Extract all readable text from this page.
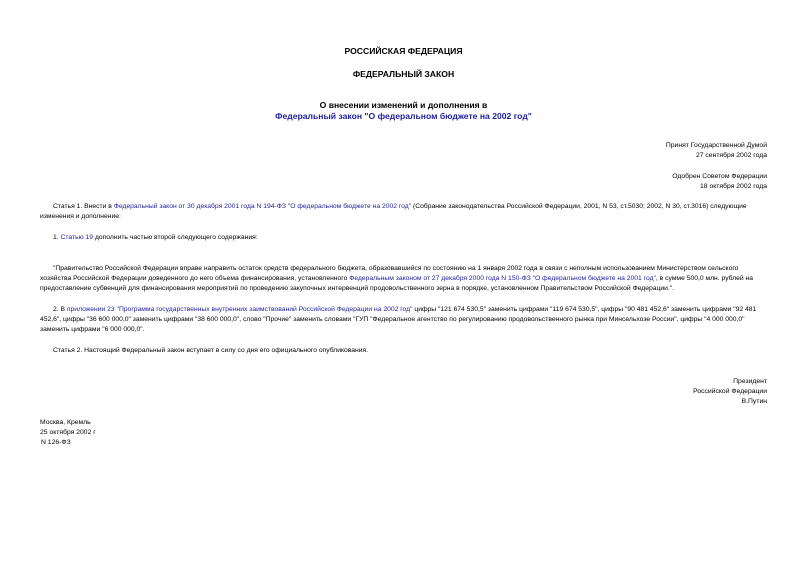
РОССИЙСКАЯ ФЕДЕРАЦИЯ

ФЕДЕРАЛЬНЫЙ ЗАКОН

О внесении изменений и дополнения в

Федеральный закон "О федеральном бюджете на 2002 год"

Принят Государственной Думой
27 сентября 2002 года
Одобрен Советом Федерации
18 октября 2002 года

Статья 1. Внести в Федеральный закон от 30 декабря 2001 года N 194-ФЗ "О федеральном бюджете на 2002 год" (Собрание законодательства Российской Федерации, 2001, N 53, ст.5030; 2002, N 30, ст.3016) следующие изменения и дополнение:

1. Статью 19 дополнить частью второй следующего содержания:

"Правительство Российской Федерации вправе направить остаток средств федерального бюджета, образовавшийся по состоянию на 1 января 2002 года в связи с неполным использованием Министерством сельского хозяйства Российской Федерации доведенного до него объема финансирования, установленного Федеральным законом от 27 декабря 2000 года N 150-ФЗ "О федеральном бюджете на 2001 год", в сумме 500,0 млн. рублей на предоставление субвенций для финансирования мероприятий по проведению закупочных интервенций продовольственного зерна в порядке, установленном Правительством Российской Федерации.".

2. В приложении 23 "Программа государственных внутренних заимствований Российской Федерации на 2002 год" цифры "121 674 530,5" заменить цифрами "119 674 530,5", цифры "90 481 452,6" заменить цифрами "92 481 452,6", цифры "36 600 000,0" заменить цифрами "38 600 000,0", слово "Прочие" заменить словами "ГУП "Федеральное агентство по регулированию продовольственного рынка при Минсельхозе России", цифры "4 000 000,0" заменить цифрами "6 000 000,0".

Статья 2. Настоящий Федеральный закон вступает в силу со дня его официального опубликования.

Президент
Российской Федерации
В.Путин
Москва, Кремль
25 октября 2002 г
N 126-ФЗ
